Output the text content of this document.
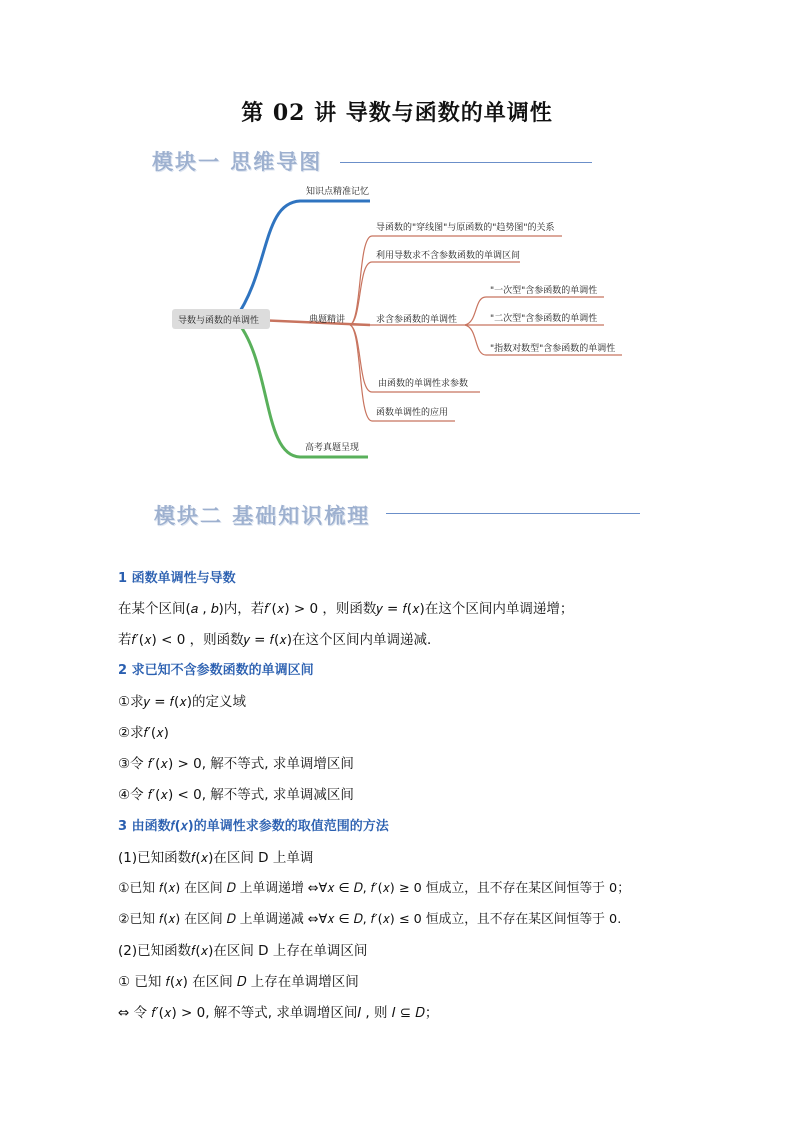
第 02 讲 导数与函数的单调性
模块一 思维导图
导数与函数的单调性
知识点精准记忆
典题精讲
高考真题呈现
导函数的"穿线图"与原函数的"趋势图"的关系
利用导数求不含参数函数的单调区间
求含参函数的单调性
由函数的单调性求参数
函数单调性的应用
"一次型"含参函数的单调性
"二次型"含参函数的单调性
"指数对数型"含参函数的单调性
模块二 基础知识梳理
1 函数单调性与导数
在某个区间(𝑎 , 𝑏)内，若𝑓′(𝑥) > 0 ，则函数𝑦 = 𝑓(𝑥)在这个区间内单调递增；
若𝑓′(𝑥) < 0 ，则函数𝑦 = 𝑓(𝑥)在这个区间内单调递减．
2 求已知不含参数函数的单调区间
①求𝑦 = 𝑓(𝑥)的定义域
②求𝑓′(𝑥)
③令 𝑓′(𝑥) > 0, 解不等式, 求单调增区间
④令 𝑓′(𝑥) < 0, 解不等式, 求单调减区间
3 由函数𝑓(𝑥)的单调性求参数的取值范围的方法
(1)已知函数𝑓(𝑥)在区间 D 上单调
①已知 𝑓(𝑥) 在区间 𝐷 上单调递增 ⇔∀𝑥 ∈ 𝐷, 𝑓′(𝑥) ≥ 0 恒成立，且不存在某区间恒等于 0；
②已知 𝑓(𝑥) 在区间 𝐷 上单调递减 ⇔∀𝑥 ∈ 𝐷, 𝑓′(𝑥) ≤ 0 恒成立，且不存在某区间恒等于 0.
(2)已知函数𝑓(𝑥)在区间 D 上存在单调区间
① 已知 𝑓(𝑥) 在区间 𝐷 上存在单调增区间
⇔ 令 𝑓′(𝑥) > 0, 解不等式, 求单调增区间𝐼 , 则 𝐼 ⊆ 𝐷；
